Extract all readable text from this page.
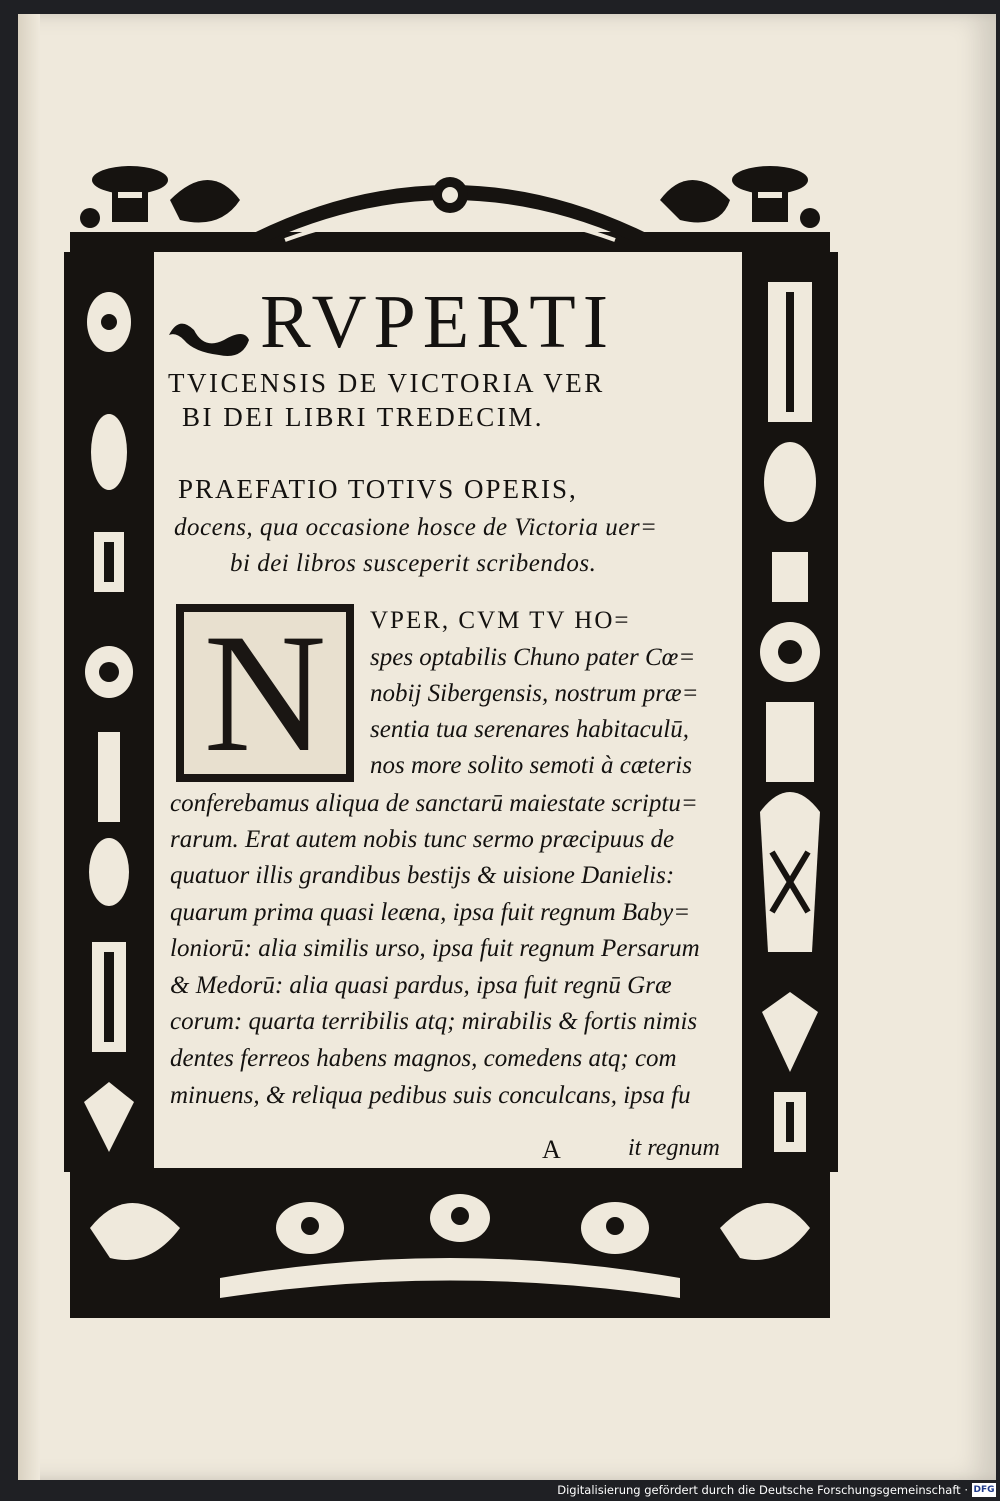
RVPERTI
TVICENSIS DE VICTORIA VER
BI DEI LIBRI TREDECIM.
PRAEFATIO TOTIVS OPERIS,
docens, qua occasione hosce de Victoria uer=
bi dei libros susceperit scribendos.
N	VPER, CVM TV HO=
spes optabilis Chuno pater Cœ=
nobij Sibergensis, nostrum præ=
sentia tua serenares habitaculū,
nos more solito semoti à cæteris
conferebamus aliqua de sanctarū maiestate scriptu=
rarum. Erat autem nobis tunc sermo præcipuus de
quatuor illis grandibus bestijs & uisione Danielis:
quarum prima quasi leæna, ipsa fuit regnum Baby=
loniorū: alia similis urso, ipsa fuit regnum Persarum
& Medorū: alia quasi pardus, ipsa fuit regnū Græ
corum: quarta terribilis atq; mirabilis & fortis nimis
dentes ferreos habens magnos, comedens atq; com
minuens, & reliqua pedibus suis conculcans, ipsa fu
A	it regnum
Digitalisierung gefördert durch die Deutsche Forschungsgemeinschaft · DFG
